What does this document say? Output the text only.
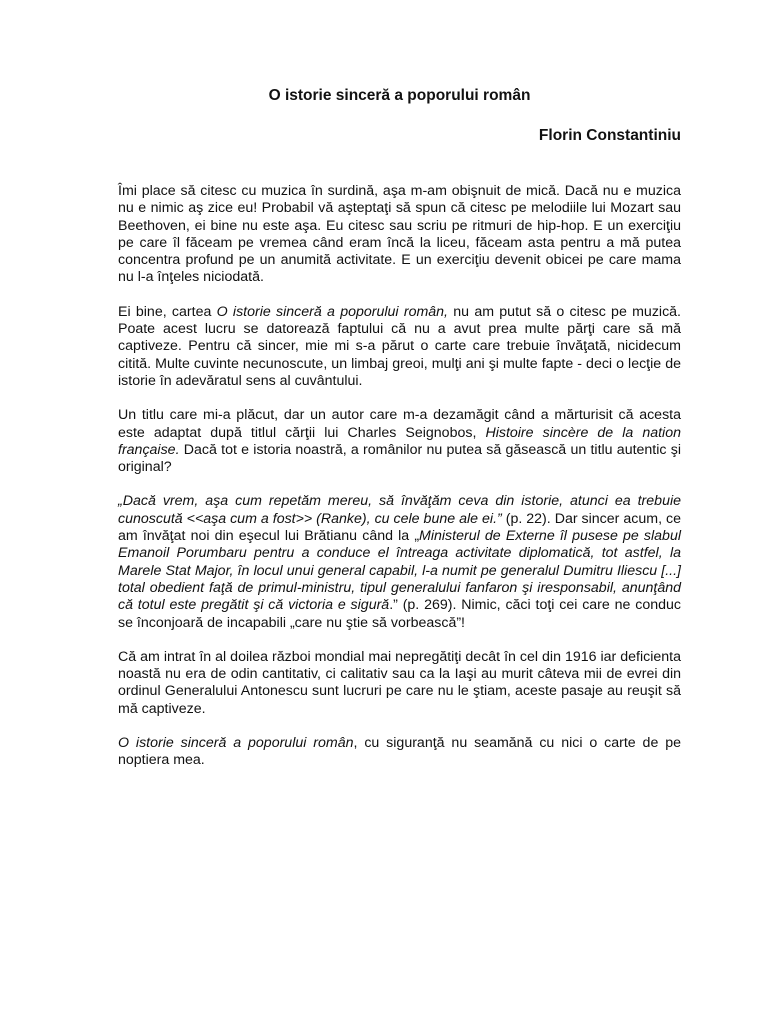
O istorie sinceră a poporului român

Florin Constantiniu

Îmi place să citesc cu muzica în surdină, aşa m-am obişnuit de mică. Dacă nu e muzica nu e nimic aş zice eu! Probabil vă aşteptaţi să spun că citesc pe melodiile lui Mozart sau Beethoven, ei bine nu este aşa. Eu citesc sau scriu pe ritmuri de hip-hop. E un exerciţiu pe care îl făceam pe vremea când eram încă la liceu, făceam asta pentru a mă putea concentra profund pe un anumită activitate. E un exerciţiu devenit obicei pe care mama nu l-a înţeles niciodată.

Ei bine, cartea O istorie sinceră a poporului român, nu am putut să o citesc pe muzică. Poate acest lucru se datorează faptului că nu a avut prea multe părţi care să mă captiveze. Pentru că sincer, mie mi s-a părut o carte care trebuie învăţată, nicidecum citită. Multe cuvinte necunoscute, un limbaj greoi, mulţi ani şi multe fapte - deci o lecţie de istorie în adevăratul sens al cuvântului.

Un titlu care mi-a plăcut, dar un autor care m-a dezamăgit când a mărturisit că acesta este adaptat după titlul cărţii lui Charles Seignobos, Histoire sincère de la nation française. Dacă tot e istoria noastră, a românilor nu putea să găsească un titlu autentic şi original?

„Dacă vrem, aşa cum repetăm mereu, să învăţăm ceva din istorie, atunci ea trebuie cunoscută <<aşa cum a fost>> (Ranke), cu cele bune ale ei.” (p. 22). Dar sincer acum, ce am învăţat noi din eşecul lui Brătianu când la „Ministerul de Externe îl pusese pe slabul Emanoil Porumbaru pentru a conduce el întreaga activitate diplomatică, tot astfel, la Marele Stat Major, în locul unui general capabil, l-a numit pe generalul Dumitru Iliescu [...] total obedient faţă de primul-ministru, tipul generalului fanfaron şi iresponsabil, anunţând că totul este pregătit şi că victoria e sigură.” (p. 269). Nimic, căci toţi cei care ne conduc se înconjoară de incapabili „care nu ştie să vorbească”!

Că am intrat în al doilea război mondial mai nepregătiţi decât în cel din 1916 iar deficienta noastă nu era de odin cantitativ, ci calitativ sau ca la Iaşi au murit câteva mii de evrei din ordinul Generalului Antonescu sunt lucruri pe care nu le ştiam, aceste pasaje au reuşit să mă captiveze.

O istorie sinceră a poporului român, cu siguranţă nu seamănă cu nici o carte de pe noptiera mea.
